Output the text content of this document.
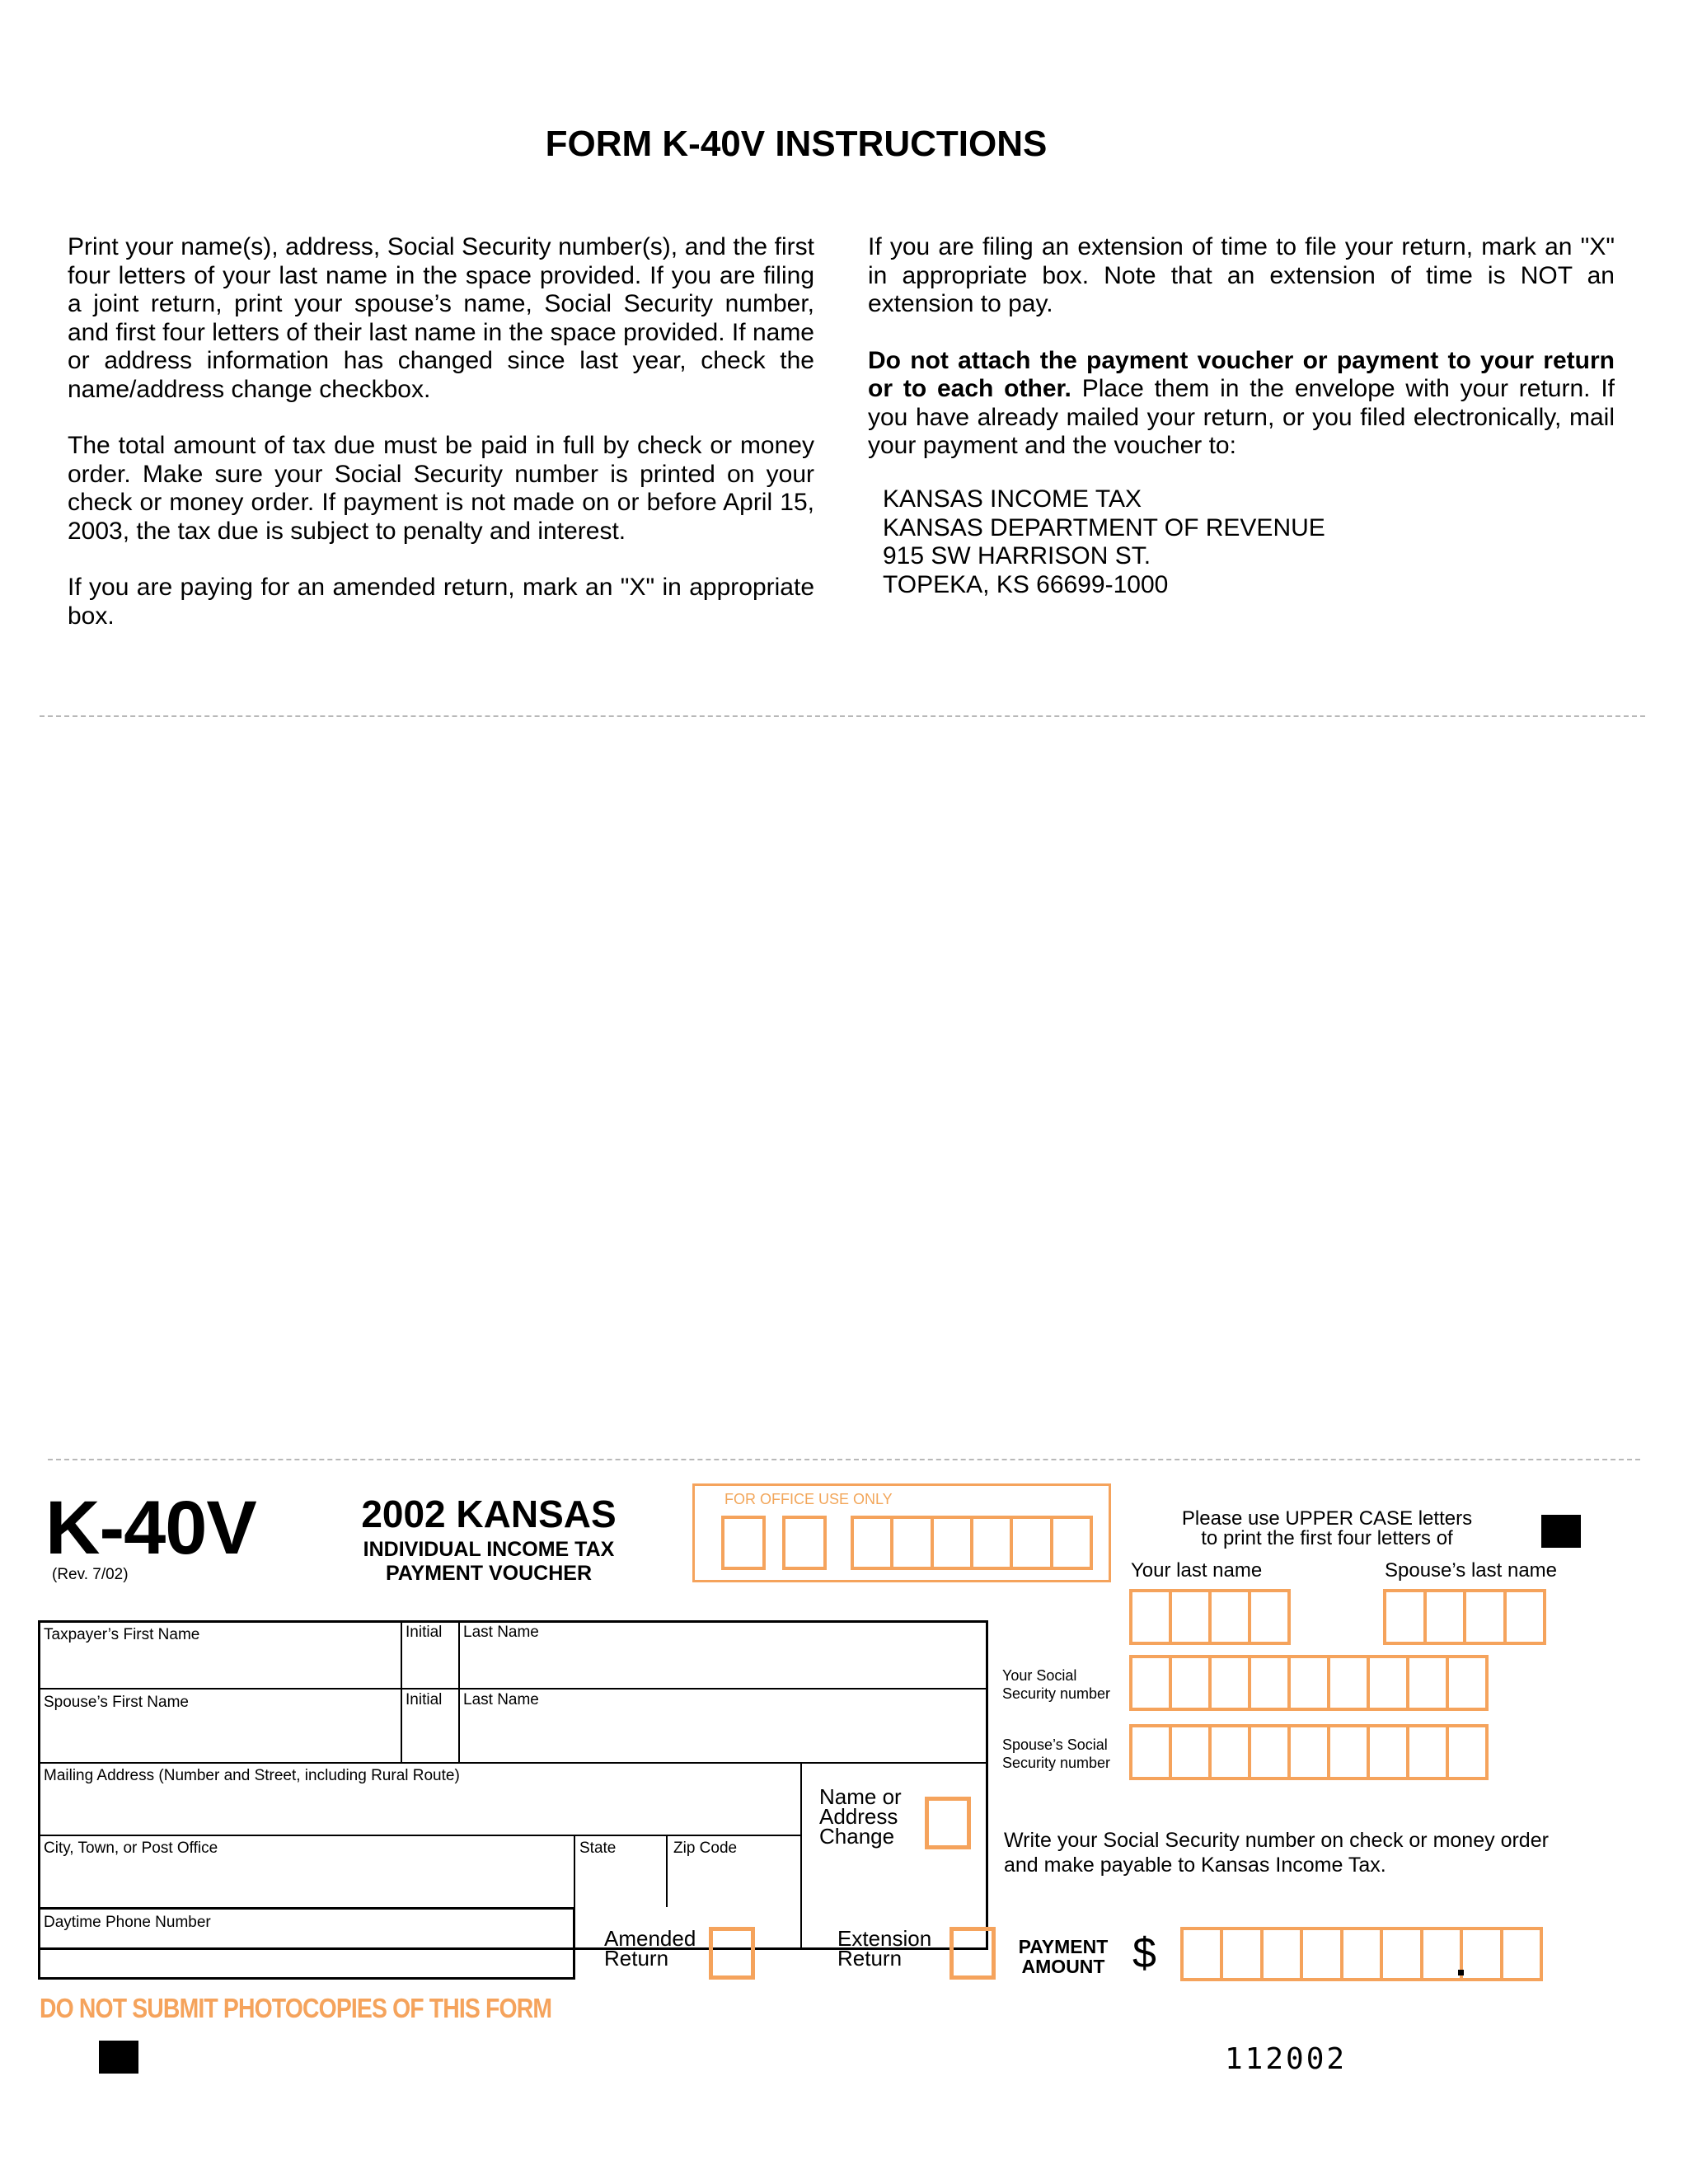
FORM K-40V INSTRUCTIONS

Print your name(s), address, Social Security number(s), and the first four letters of your last name in the space provided. If you are filing a joint return, print your spouse’s name, Social Security number, and first four letters of their last name in the space provided. If name or address information has changed since last year, check the name/address change checkbox.

The total amount of tax due must be paid in full by check or money order. Make sure your Social Security number is printed on your check or money order. If payment is not made on or before April 15, 2003, the tax due is subject to penalty and interest.

If you are paying for an amended return, mark an "X" in appropriate box.

If you are filing an extension of time to file your return, mark an "X" in appropriate box. Note that an extension of time is NOT an extension to pay.

Do not attach the payment voucher or payment to your return or to each other. Place them in the envelope with your return. If you have already mailed your return, or you filed electronically, mail your payment and the voucher to:

KANSAS INCOME TAX
KANSAS DEPARTMENT OF REVENUE
915 SW HARRISON ST.
TOPEKA, KS 66699-1000
K-40V
(Rev. 7/02)
2002 KANSAS
INDIVIDUAL INCOME TAX
PAYMENT VOUCHER
FOR OFFICE USE ONLY
Please use UPPER CASE letters
to print the first four letters of
Your last name	Spouse’s last name
Your Social
Security number
Spouse’s Social
Security number
Taxpayer’s First Name	Initial Last Name
Spouse’s First Name	Initial Last Name
Mailing Address (Number and Street, including Rural Route)
City, Town, or Post Office	State	Zip Code
Name or
Address
Change	Write your Social Security number on check or money order
and make payable to Kansas Income Tax.
Daytime Phone Number
Amended
Return
Extension
Return	PAYMENT
AMOUNT $
DO NOT SUBMIT PHOTOCOPIES OF THIS FORM
112002
